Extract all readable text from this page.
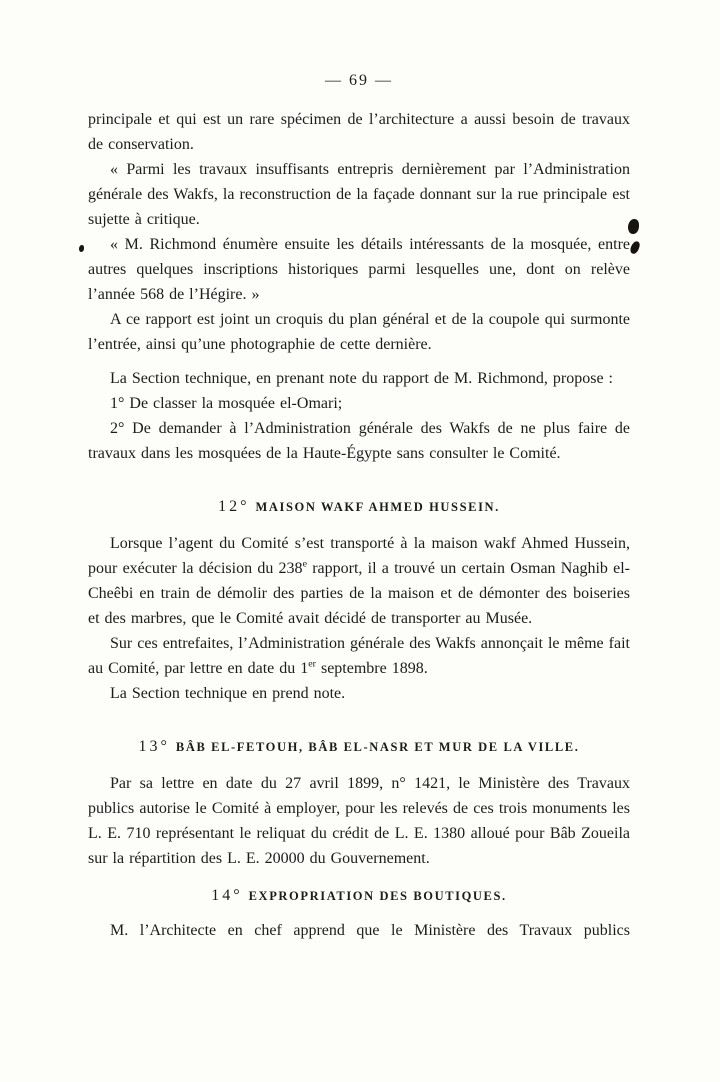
— 69 —

principale et qui est un rare spécimen de l’architecture a aussi besoin de travaux de conservation.

« Parmi les travaux insuffisants entrepris dernièrement par l’Administration générale des Wakfs, la reconstruction de la façade donnant sur la rue principale est sujette à critique.

« M. Richmond énumère ensuite les détails intéressants de la mosquée, entre autres quelques inscriptions historiques parmi lesquelles une, dont on relève l’année 568 de l’Hégire. »

A ce rapport est joint un croquis du plan général et de la coupole qui surmonte l’entrée, ainsi qu’une photographie de cette dernière.

La Section technique, en prenant note du rapport de M. Richmond, propose :

1° De classer la mosquée el-Omari;

2° De demander à l’Administration générale des Wakfs de ne plus faire de travaux dans les mosquées de la Haute-Égypte sans consulter le Comité.

12° MAISON WAKF AHMED HUSSEIN.

Lorsque l’agent du Comité s’est transporté à la maison wakf Ahmed Hussein, pour exécuter la décision du 238e rapport, il a trouvé un certain Osman Naghib el-Cheêbi en train de démolir des parties de la maison et de démonter des boiseries et des marbres, que le Comité avait décidé de transporter au Musée.

Sur ces entrefaites, l’Administration générale des Wakfs annonçait le même fait au Comité, par lettre en date du 1er septembre 1898.

La Section technique en prend note.

13° BÂB EL-FETOUH, BÂB EL-NASR ET MUR DE LA VILLE.

Par sa lettre en date du 27 avril 1899, n° 1421, le Ministère des Travaux publics autorise le Comité à employer, pour les relevés de ces trois monuments les L. E. 710 représentant le reliquat du crédit de L. E. 1380 alloué pour Bâb Zoueila sur la répartition des L. E. 20000 du Gouvernement.

14° EXPROPRIATION DES BOUTIQUES.

M. l’Architecte en chef apprend que le Ministère des Travaux publics
